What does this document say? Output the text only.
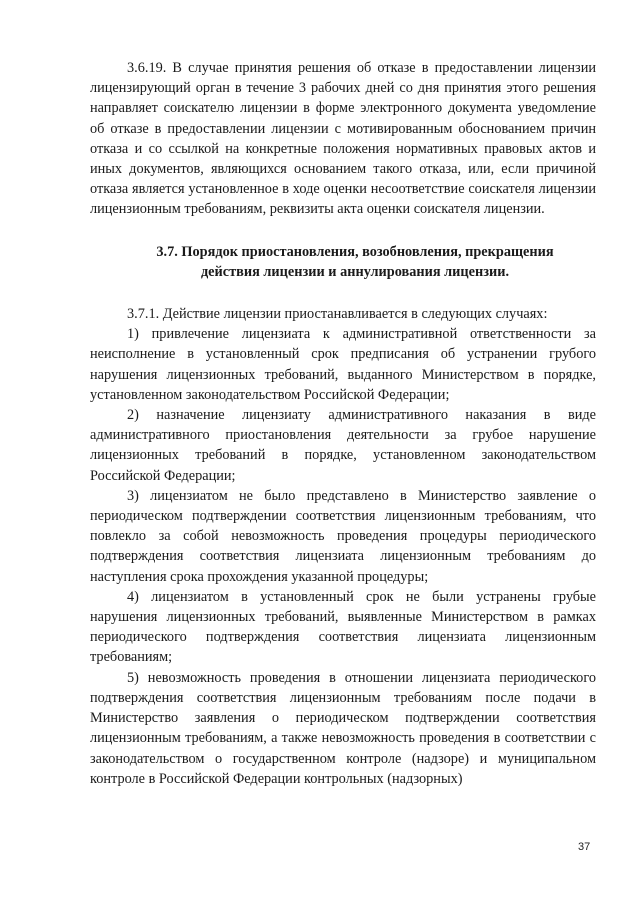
3.6.19. В случае принятия решения об отказе в предоставлении лицензии лицензирующий орган в течение 3 рабочих дней со дня принятия этого решения направляет соискателю лицензии в форме электронного документа уведомление об отказе в предоставлении лицензии с мотивированным обоснованием причин отказа и со ссылкой на конкретные положения нормативных правовых актов и иных документов, являющихся основанием такого отказа, или, если причиной отказа является установленное в ходе оценки несоответствие соискателя лицензии лицензионным требованиям, реквизиты акта оценки соискателя лицензии.

3.7. Порядок приостановления, возобновления, прекращения
действия лицензии и аннулирования лицензии.

3.7.1. Действие лицензии приостанавливается в следующих случаях:

1) привлечение лицензиата к административной ответственности за неисполнение в установленный срок предписания об устранении грубого нарушения лицензионных требований, выданного Министерством в порядке, установленном законодательством Российской Федерации;

2) назначение лицензиату административного наказания в виде административного приостановления деятельности за грубое нарушение лицензионных требований в порядке, установленном законодательством Российской Федерации;

3) лицензиатом не было представлено в Министерство заявление о периодическом подтверждении соответствия лицензионным требованиям, что повлекло за собой невозможность проведения процедуры периодического подтверждения соответствия лицензиата лицензионным требованиям до наступления срока прохождения указанной процедуры;

4) лицензиатом в установленный срок не были устранены грубые нарушения лицензионных требований, выявленные Министерством в рамках периодического подтверждения соответствия лицензиата лицензионным требованиям;

5) невозможность проведения в отношении лицензиата периодического подтверждения соответствия лицензионным требованиям после подачи в Министерство заявления о периодическом подтверждении соответствия лицензионным требованиям, а также невозможность проведения в соответствии с законодательством о государственном контроле (надзоре) и муниципальном контроле в Российской Федерации контрольных (надзорных)

37
